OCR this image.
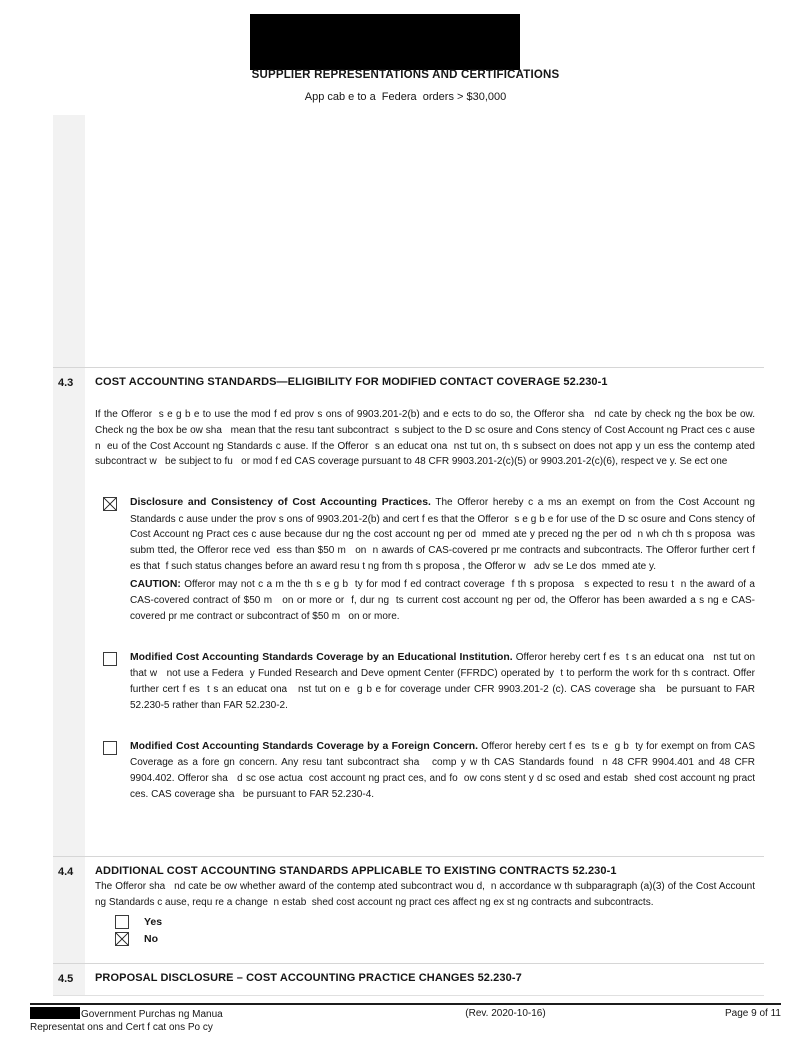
SUPPLIER REPRESENTATIONS AND CERTIFICATIONS
App cab e to a  Federa  orders > $30,000
4.3	COST ACCOUNTING STANDARDS—ELIGIBILITY FOR MODIFIED CONTACT COVERAGE 52.230-1
If the Offeror  s e g b e to use the mod f ed prov s ons of 9903.201-2(b) and e ects to do so, the Offeror sha   nd cate by check ng the box be ow. Check ng the box be ow sha   mean that the resu tant subcontract  s subject to the D sc osure and Cons stency of Cost Account ng Pract ces c ause  n  eu of the Cost Account ng Standards c ause. If the Offeror  s an educat ona  nst tut on, th s subsect on does not app y un ess the contemp ated subcontract w   be subject to fu   or mod f ed CAS coverage pursuant to 48 CFR 9903.201-2(c)(5) or 9903.201-2(c)(6), respect ve y. Se ect one
Disclosure and Consistency of Cost Accounting Practices. The Offeror hereby c a ms an exempt on from the Cost Account ng Standards c ause under the prov s ons of 9903.201-2(b) and cert f es that the Offeror  s e g b e for use of the D sc osure and Cons stency of Cost Account ng Pract ces c ause because dur ng the cost account ng per od  mmed ate y preced ng the per od  n wh ch th s proposa  was subm tted, the Offeror rece ved  ess than $50 m   on  n awards of CAS-covered pr me contracts and subcontracts. The Offeror further cert f es that  f such status changes before an award resu t ng from th s proposa , the Offeror w   adv se Le dos  mmed ate y.
CAUTION: Offeror may not c a m the th s e g b  ty for mod f ed contract coverage  f th s proposa   s expected to resu t  n the award of a CAS-covered contract of $50 m   on or more or  f, dur ng  ts current cost account ng per od, the Offeror has been awarded a s ng e CAS-covered pr me contract or subcontract of $50 m   on or more.
Modified Cost Accounting Standards Coverage by an Educational Institution. Offeror hereby cert f es  t s an educat ona   nst tut on that w   not use a Federa  y Funded Research and Deve opment Center (FFRDC) operated by  t to perform the work for th s contract. Offer further cert f es  t s an educat ona   nst tut on e  g b e for coverage under CFR 9903.201-2 (c). CAS coverage sha   be pursuant to FAR 52.230-5 rather than FAR 52.230-2.
Modified Cost Accounting Standards Coverage by a Foreign Concern. Offeror hereby cert f es  ts e  g b  ty for exempt on from CAS Coverage as a fore gn concern. Any resu tant subcontract sha   comp y w th CAS Standards found  n 48 CFR 9904.401 and 48 CFR 9904.402. Offeror sha   d sc ose actua  cost account ng pract ces, and fo  ow cons stent y d sc osed and estab  shed cost account ng pract ces. CAS coverage sha   be pursuant to FAR 52.230-4.
4.4	ADDITIONAL COST ACCOUNTING STANDARDS APPLICABLE TO EXISTING CONTRACTS 52.230-1
The Offeror sha   nd cate be ow whether award of the contemp ated subcontract wou d,  n accordance w th subparagraph (a)(3) of the Cost Account ng Standards c ause, requ re a change  n estab  shed cost account ng pract ces affect ng ex st ng contracts and subcontracts.
Yes
No
4.5	PROPOSAL DISCLOSURE – COST ACCOUNTING PRACTICE CHANGES 52.230-7
Government Purchas ng Manua
Representat ons and Cert f cat ons Po cy
(Rev. 2020-10-16)	Page 9 of 11
